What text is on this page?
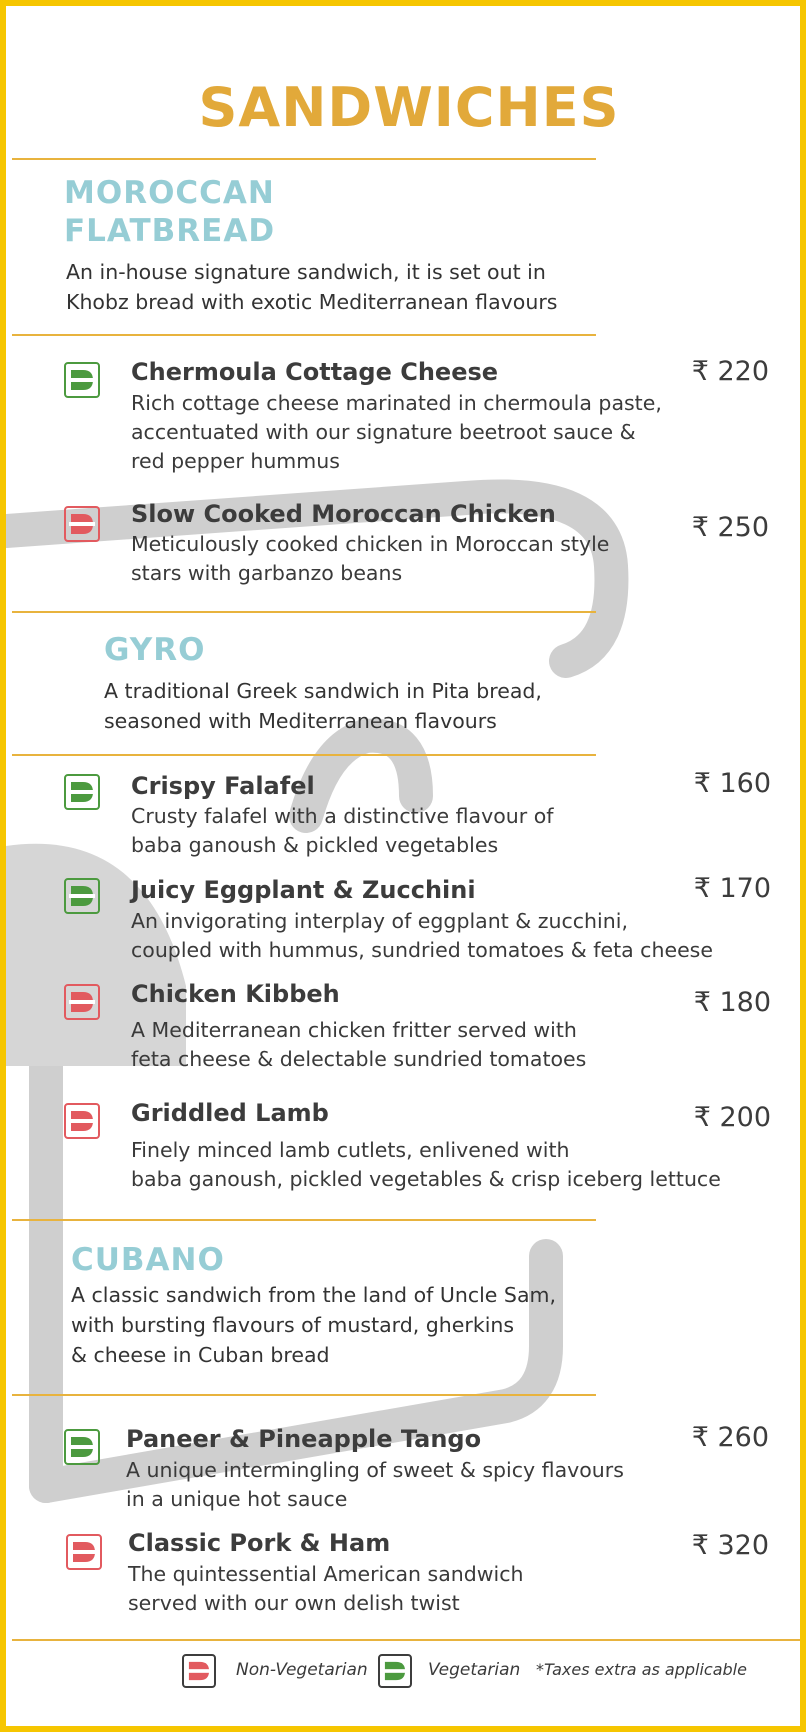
SANDWICHES
MOROCCAN
FLATBREAD
An in-house signature sandwich, it is set out in
Khobz bread with exotic Mediterranean flavours
Chermoula Cottage Cheese	₹ 220
Rich cottage cheese marinated in chermoula paste,
accentuated with our signature beetroot sauce &
red pepper hummus
Slow Cooked Moroccan Chicken	₹ 250
Meticulously cooked chicken in Moroccan style
stars with garbanzo beans
GYRO
A traditional Greek sandwich in Pita bread,
seasoned with Mediterranean flavours
Crispy Falafel	₹ 160
Crusty falafel with a distinctive flavour of
baba ganoush & pickled vegetables
Juicy Eggplant & Zucchini	₹ 170
An invigorating interplay of eggplant & zucchini,
coupled with hummus, sundried tomatoes & feta cheese
Chicken Kibbeh	₹ 180
A Mediterranean chicken fritter served with
feta cheese & delectable sundried tomatoes
Griddled Lamb	₹ 200
Finely minced lamb cutlets, enlivened with
baba ganoush, pickled vegetables & crisp iceberg lettuce
CUBANO
A classic sandwich from the land of Uncle Sam,
with bursting flavours of mustard, gherkins
& cheese in Cuban bread
Paneer & Pineapple Tango	₹ 260
A unique intermingling of sweet & spicy flavours
in a unique hot sauce
Classic Pork & Ham	₹ 320
The quintessential American sandwich
served with our own delish twist
Non-Vegetarian	Vegetarian *Taxes extra as applicable
